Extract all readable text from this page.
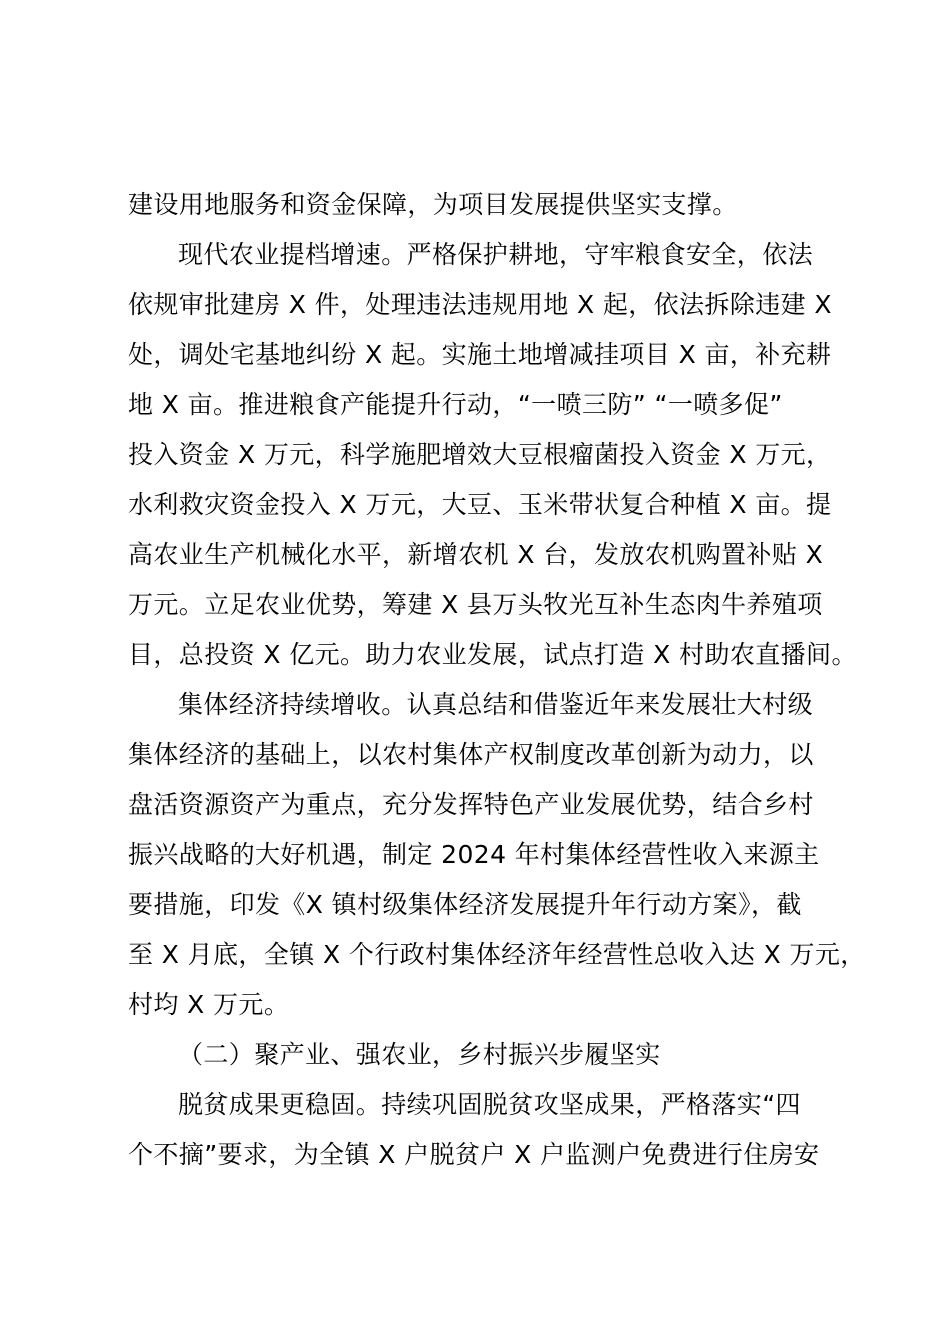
建设用地服务和资金保障，为项目发展提供坚实支撑。
现代农业提档增速。严格保护耕地，守牢粮食安全，依法
依规审批建房 X 件，处理违法违规用地 X 起，依法拆除违建 X
处，调处宅基地纠纷 X 起。实施土地增减挂项目 X 亩，补充耕
地 X 亩。推进粮食产能提升行动，“一喷三防” “一喷多促”
投入资金 X 万元，科学施肥增效大豆根瘤菌投入资金 X 万元，
水利救灾资金投入 X 万元，大豆、玉米带状复合种植 X 亩。提
高农业生产机械化水平，新增农机 X 台，发放农机购置补贴 X
万元。立足农业优势，筹建 X 县万头牧光互补生态肉牛养殖项
目，总投资 X 亿元。助力农业发展，试点打造 X 村助农直播间。
集体经济持续增收。认真总结和借鉴近年来发展壮大村级
集体经济的基础上，以农村集体产权制度改革创新为动力，以
盘活资源资产为重点，充分发挥特色产业发展优势，结合乡村
振兴战略的大好机遇，制定 2024 年村集体经营性收入来源主
要措施，印发《X 镇村级集体经济发展提升年行动方案》，截
至 X 月底，全镇 X 个行政村集体经济年经营性总收入达 X 万元，
村均 X 万元。
（二）聚产业、强农业，乡村振兴步履坚实
脱贫成果更稳固。持续巩固脱贫攻坚成果，严格落实“四
个不摘”要求，为全镇 X 户脱贫户 X 户监测户免费进行住房安
